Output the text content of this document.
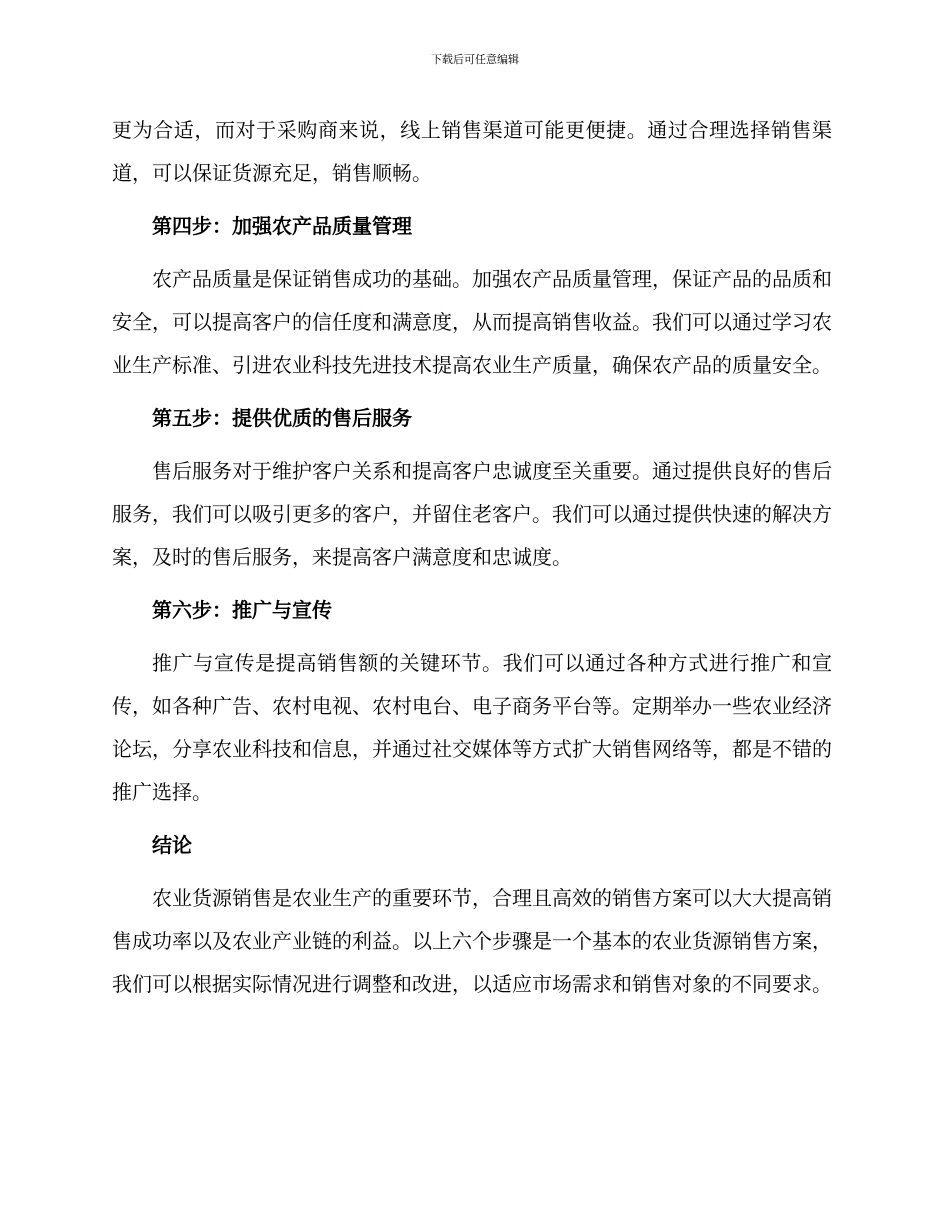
下载后可任意编辑

更为合适，而对于采购商来说，线上销售渠道可能更便捷。通过合理选择销售渠道，可以保证货源充足，销售顺畅。

第四步：加强农产品质量管理

农产品质量是保证销售成功的基础。加强农产品质量管理，保证产品的品质和安全，可以提高客户的信任度和满意度，从而提高销售收益。我们可以通过学习农业生产标准、引进农业科技先进技术提高农业生产质量，确保农产品的质量安全。

第五步：提供优质的售后服务

售后服务对于维护客户关系和提高客户忠诚度至关重要。通过提供良好的售后服务，我们可以吸引更多的客户，并留住老客户。我们可以通过提供快速的解决方案，及时的售后服务，来提高客户满意度和忠诚度。

第六步：推广与宣传

推广与宣传是提高销售额的关键环节。我们可以通过各种方式进行推广和宣传，如各种广告、农村电视、农村电台、电子商务平台等。定期举办一些农业经济论坛，分享农业科技和信息，并通过社交媒体等方式扩大销售网络等，都是不错的推广选择。

结论

农业货源销售是农业生产的重要环节，合理且高效的销售方案可以大大提高销售成功率以及农业产业链的利益。以上六个步骤是一个基本的农业货源销售方案，我们可以根据实际情况进行调整和改进，以适应市场需求和销售对象的不同要求。
